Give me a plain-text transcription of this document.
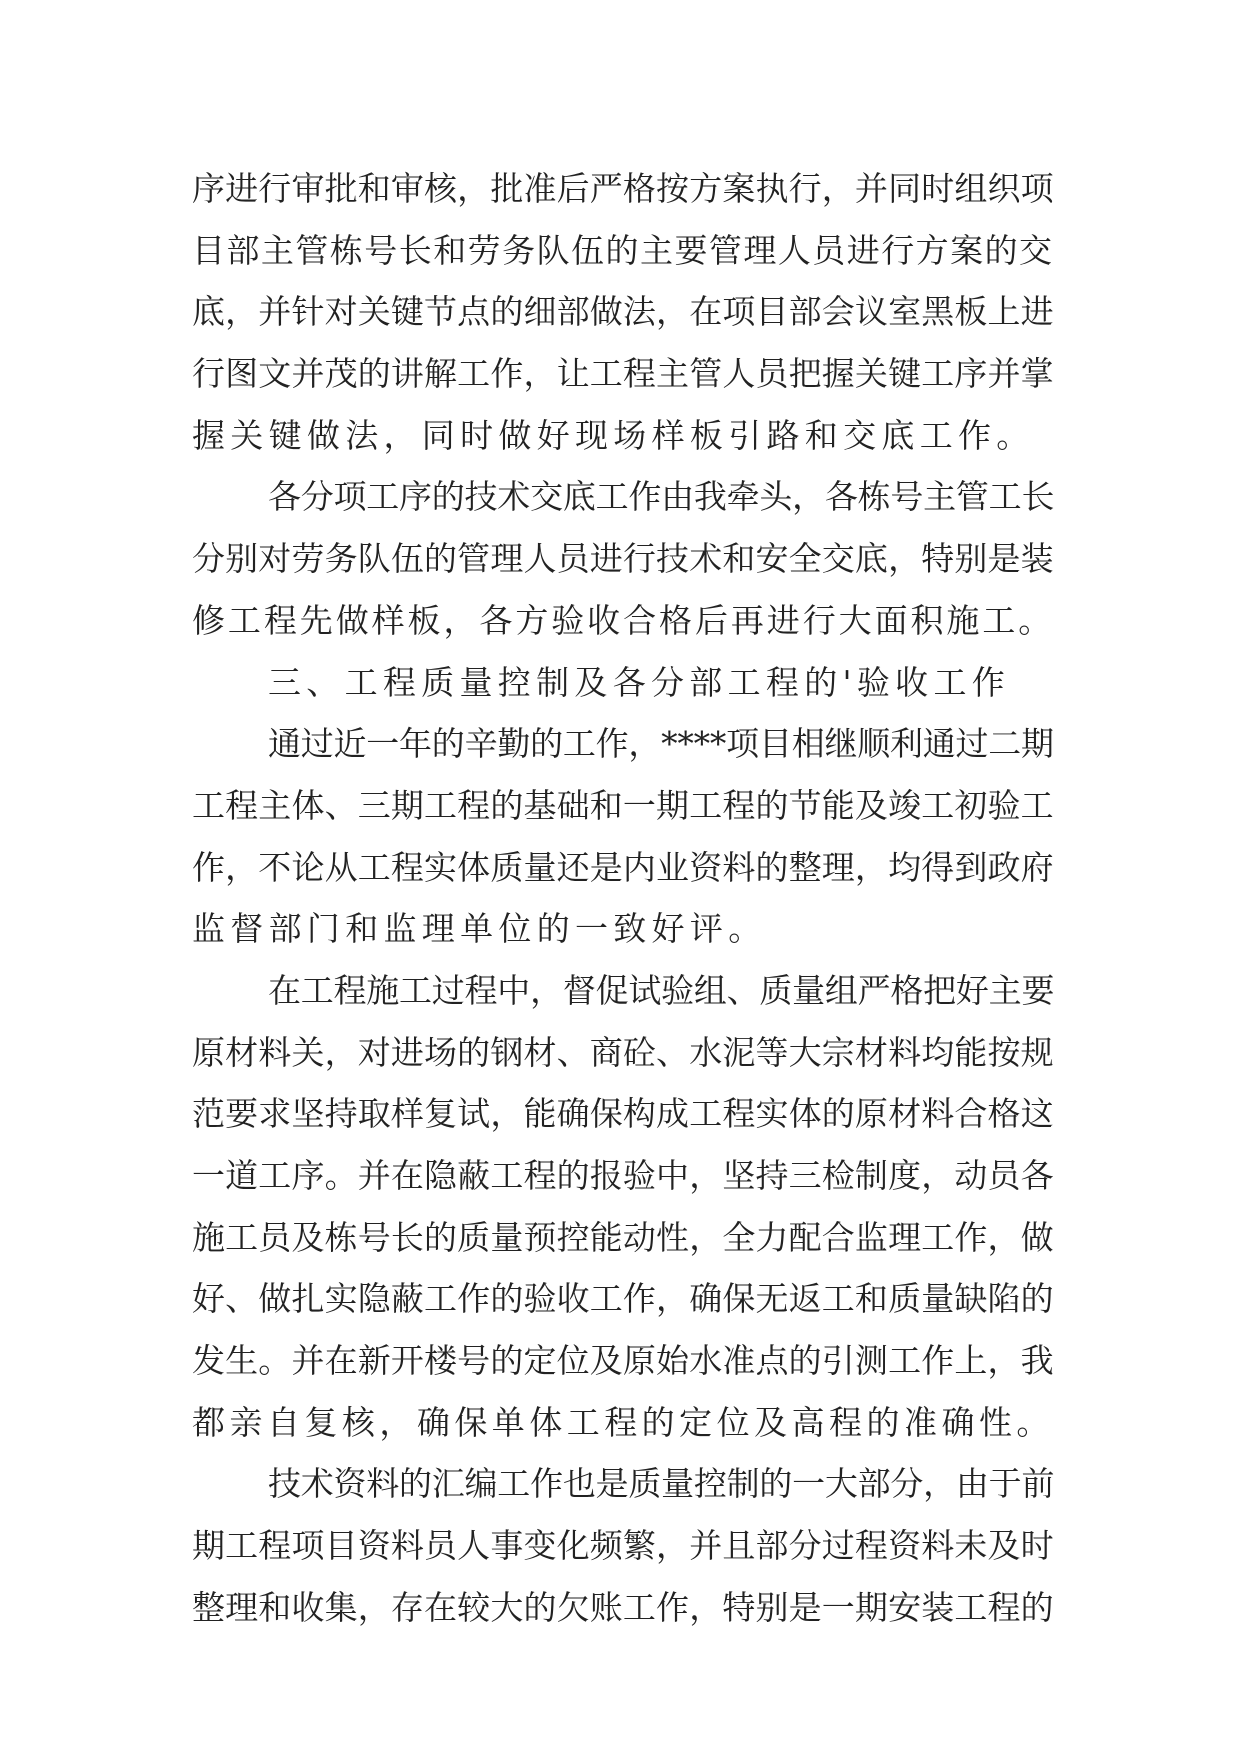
序进行审批和审核，批准后严格按方案执行，并同时组织项
目部主管栋号长和劳务队伍的主要管理人员进行方案的交
底，并针对关键节点的细部做法，在项目部会议室黑板上进
行图文并茂的讲解工作，让工程主管人员把握关键工序并掌
握关键做法，同时做好现场样板引路和交底工作。
各分项工序的技术交底工作由我牵头，各栋号主管工长
分别对劳务队伍的管理人员进行技术和安全交底，特别是装
修工程先做样板，各方验收合格后再进行大面积施工。
三、工程质量控制及各分部工程的'验收工作
通过近一年的辛勤的工作，****项目相继顺利通过二期
工程主体、三期工程的基础和一期工程的节能及竣工初验工
作，不论从工程实体质量还是内业资料的整理，均得到政府
监督部门和监理单位的一致好评。
在工程施工过程中，督促试验组、质量组严格把好主要
原材料关，对进场的钢材、商砼、水泥等大宗材料均能按规
范要求坚持取样复试，能确保构成工程实体的原材料合格这
一道工序。并在隐蔽工程的报验中，坚持三检制度，动员各
施工员及栋号长的质量预控能动性，全力配合监理工作，做
好、做扎实隐蔽工作的验收工作，确保无返工和质量缺陷的
发生。并在新开楼号的定位及原始水准点的引测工作上，我
都亲自复核，确保单体工程的定位及高程的准确性。
技术资料的汇编工作也是质量控制的一大部分，由于前
期工程项目资料员人事变化频繁，并且部分过程资料未及时
整理和收集，存在较大的欠账工作，特别是一期安装工程的
